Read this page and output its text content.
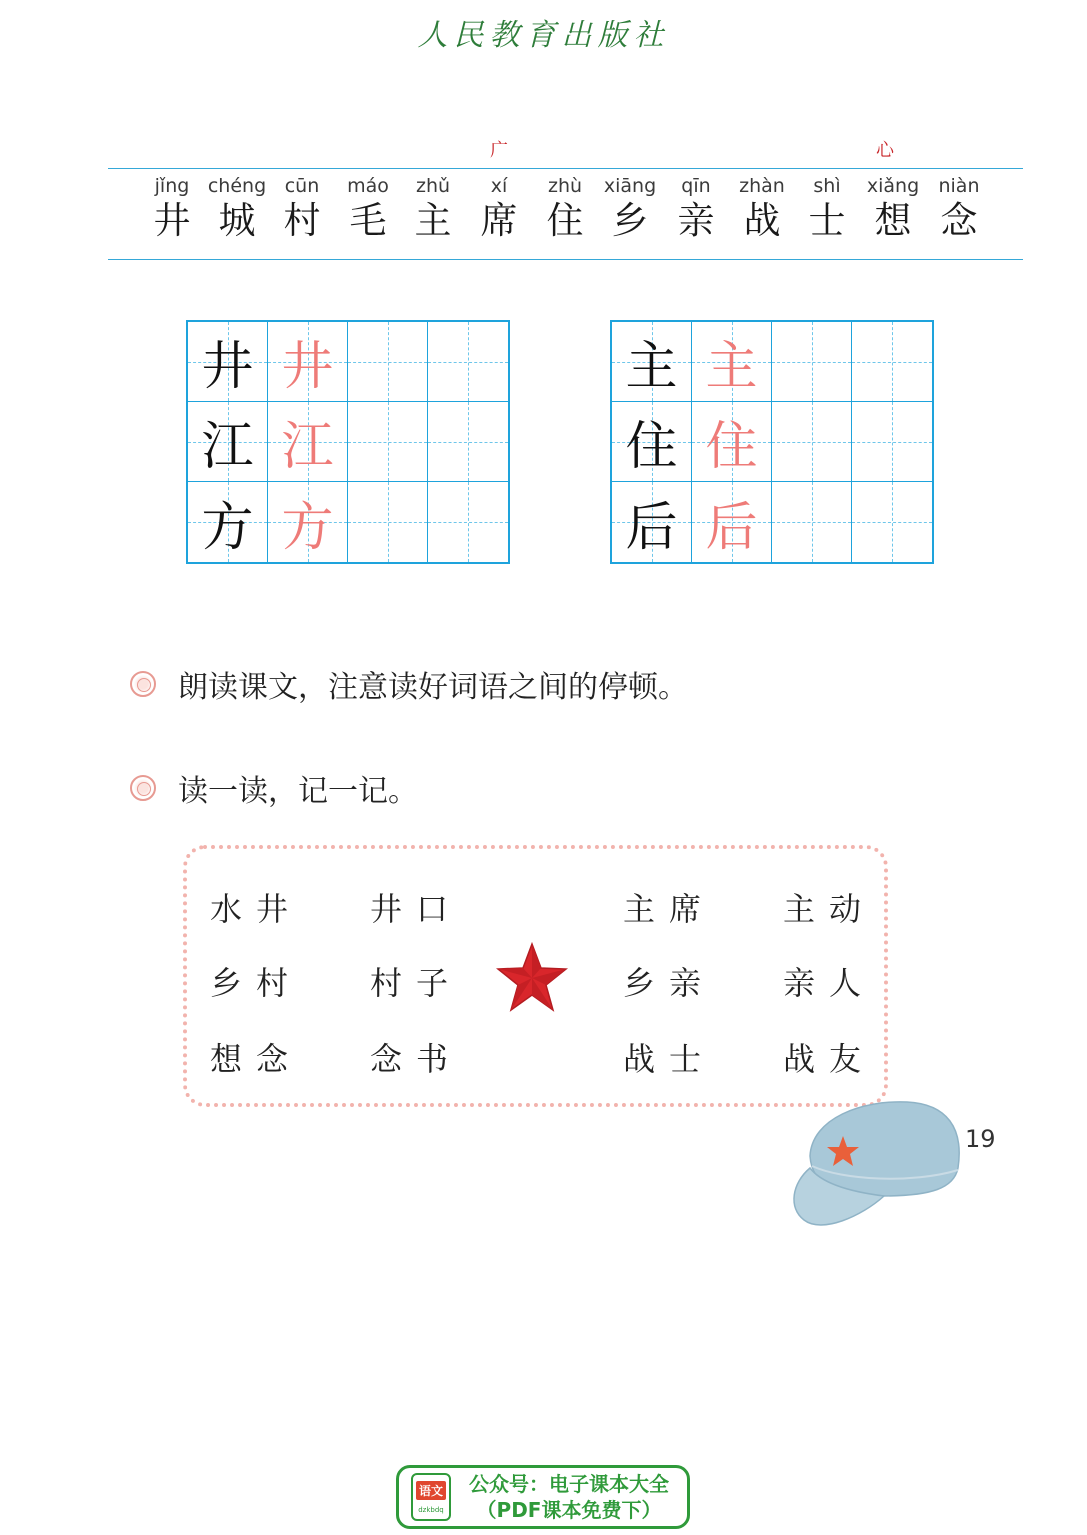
人民教育出版社
广	心
jǐng
井
chéng
城
cūn
村
máo
毛
zhǔ
主
xí
席
zhù
住
xiāng
乡
qīn
亲
zhàn
战
shì
士
xiǎng
想
niàn
念
井 井
江 江
方 方
主 主
住 住
后 后
朗读课文，注意读好词语之间的停顿。
读一读，记一记。
水井
乡村
想念
井口
村子
念书
主席
乡亲
战士
主动
亲人
战友
19
语文
dzkbdq
公众号：电子课本大全
（PDF课本免费下）
